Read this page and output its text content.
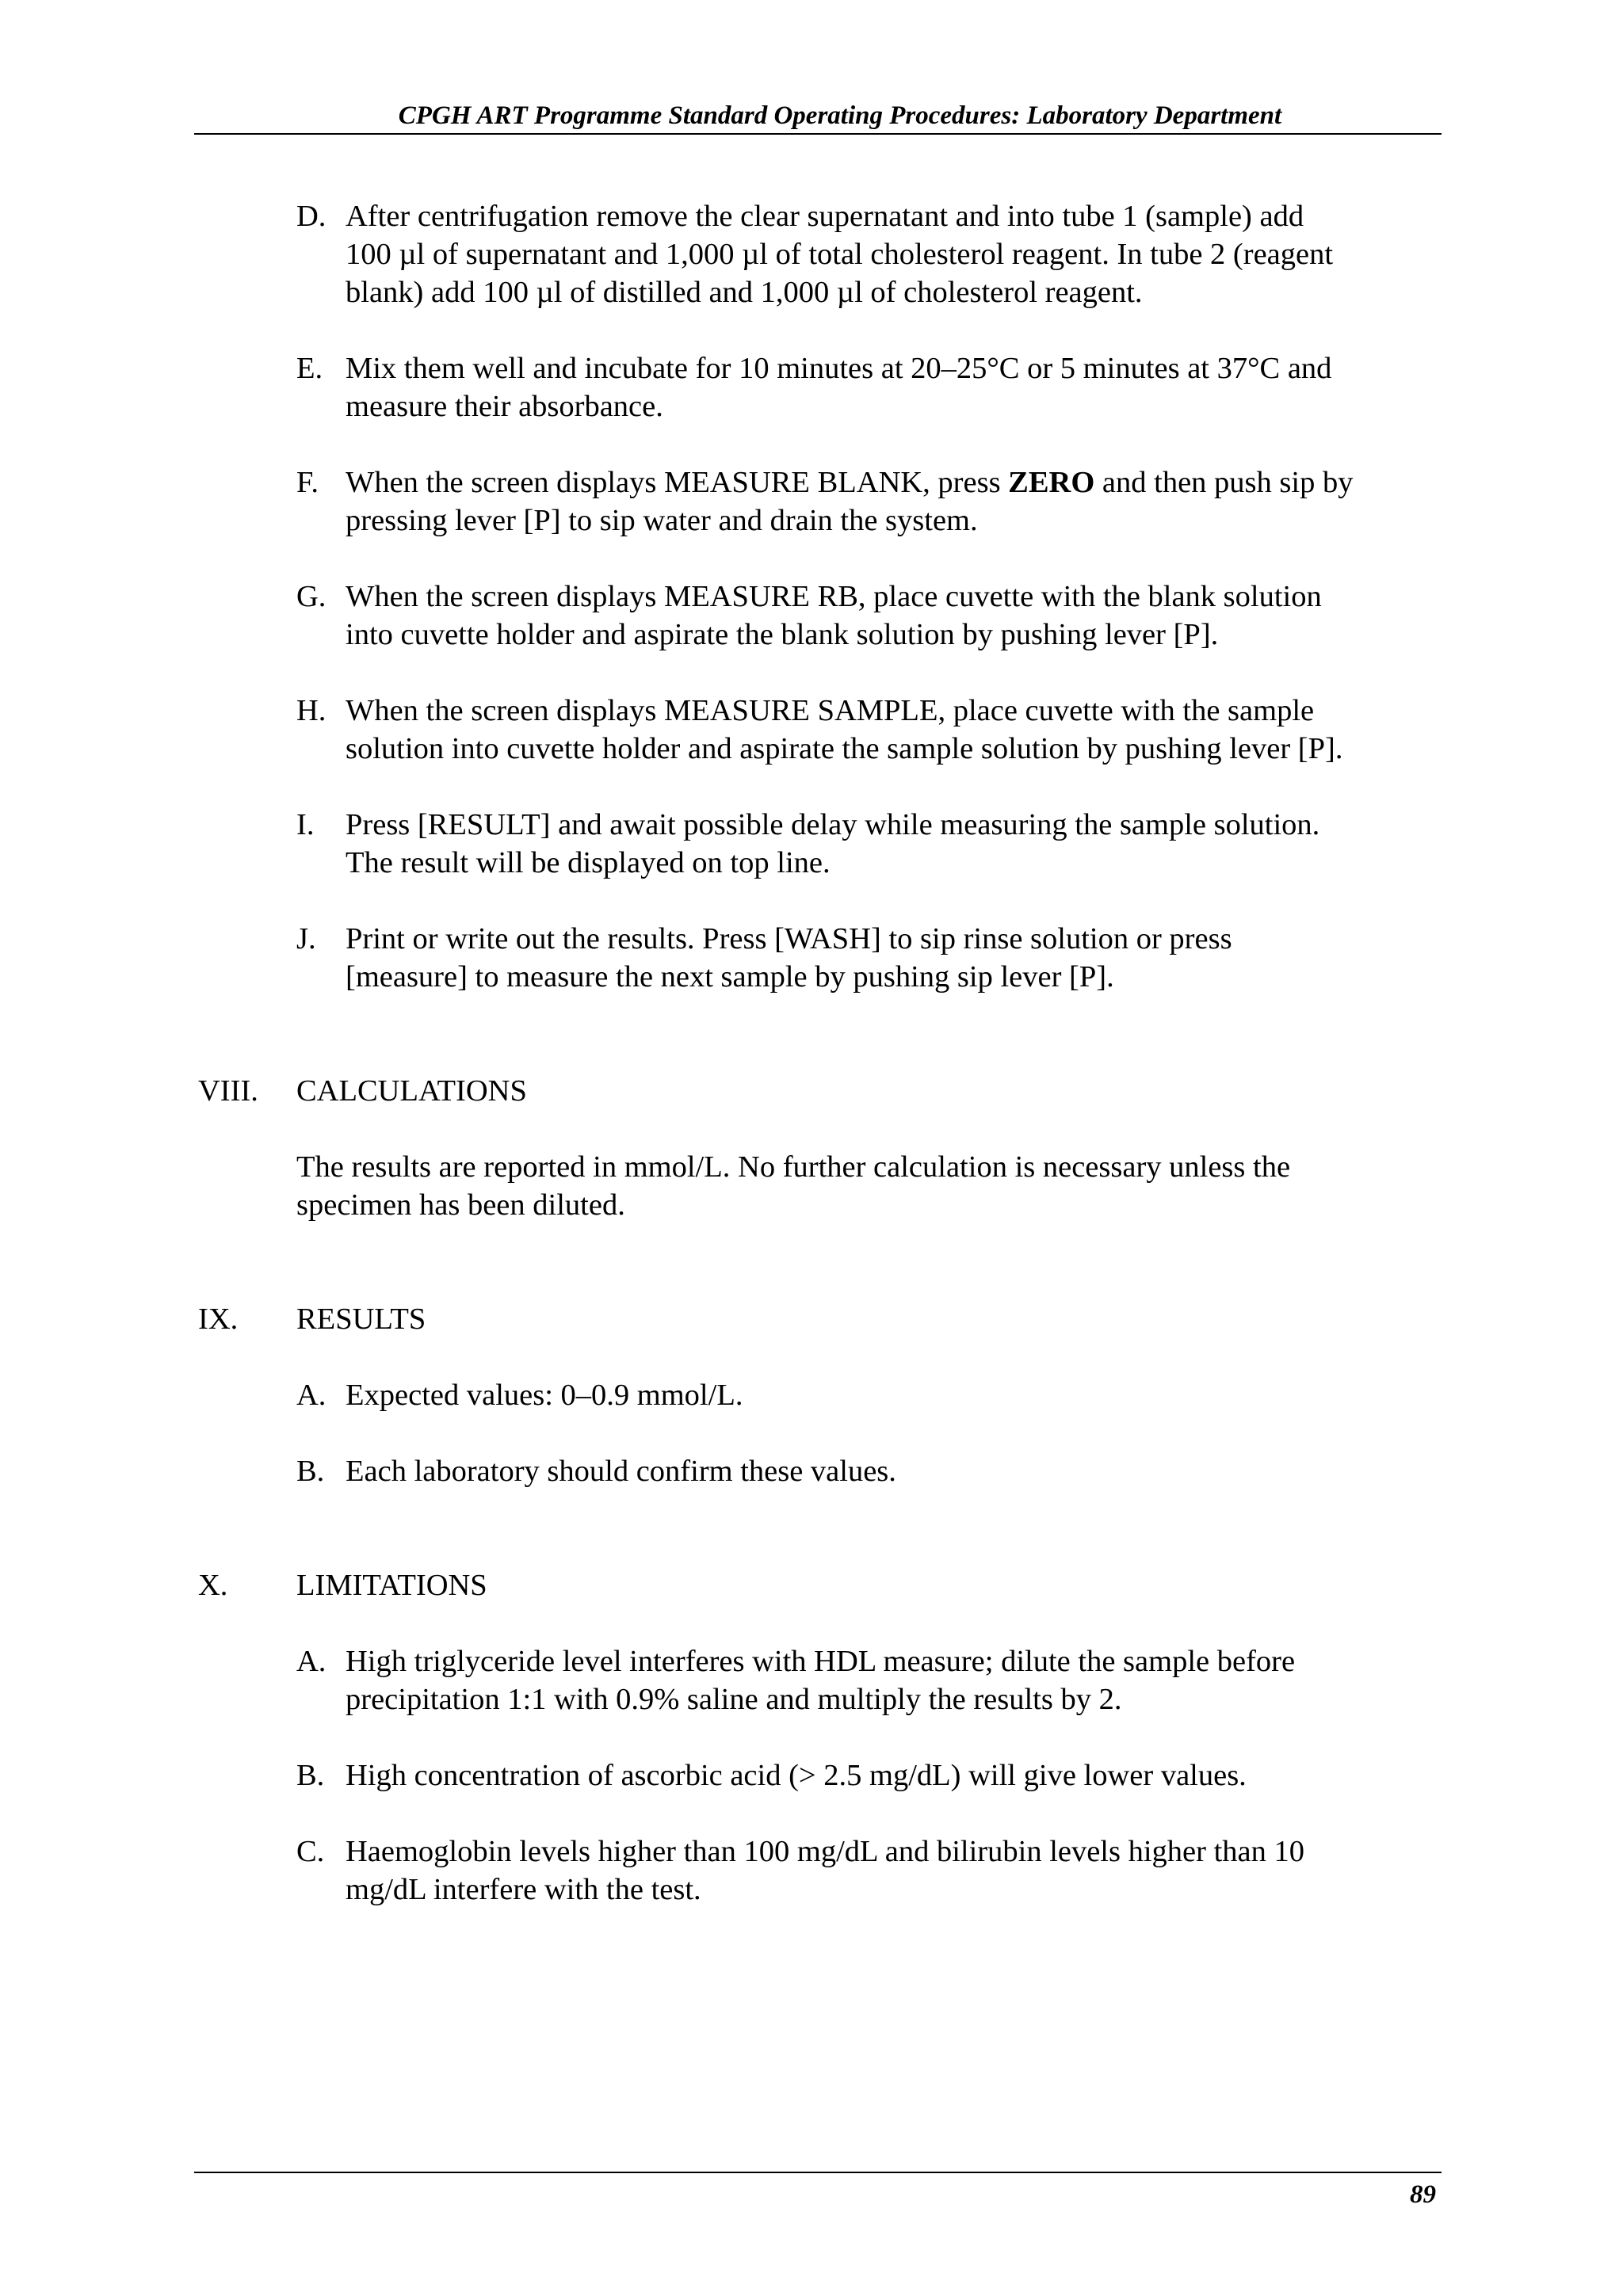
CPGH ART Programme Standard Operating Procedures: Laboratory Department
D. After centrifugation remove the clear supernatant and into tube 1 (sample) add
100 µl of supernatant and 1,000 µl of total cholesterol reagent. In tube 2 (reagent
blank) add 100 µl of distilled and 1,000 µl of cholesterol reagent.
E. Mix them well and incubate for 10 minutes at 20–25°C or 5 minutes at 37°C and
measure their absorbance.
F. When the screen displays MEASURE BLANK, press ZERO and then push sip by
pressing lever [P] to sip water and drain the system.
G. When the screen displays MEASURE RB, place cuvette with the blank solution
into cuvette holder and aspirate the blank solution by pushing lever [P].
H. When the screen displays MEASURE SAMPLE, place cuvette with the sample
solution into cuvette holder and aspirate the sample solution by pushing lever [P].
I. Press [RESULT] and await possible delay while measuring the sample solution.
The result will be displayed on top line.
J. Print or write out the results. Press [WASH] to sip rinse solution or press
[measure] to measure the next sample by pushing sip lever [P].
VIII. CALCULATIONS
The results are reported in mmol/L. No further calculation is necessary unless the
specimen has been diluted.
IX. RESULTS
A. Expected values: 0–0.9 mmol/L.
B. Each laboratory should confirm these values.
X. LIMITATIONS
A. High triglyceride level interferes with HDL measure; dilute the sample before
precipitation 1:1 with 0.9% saline and multiply the results by 2.
B. High concentration of ascorbic acid (> 2.5 mg/dL) will give lower values.
C. Haemoglobin levels higher than 100 mg/dL and bilirubin levels higher than 10
mg/dL interfere with the test.
89
